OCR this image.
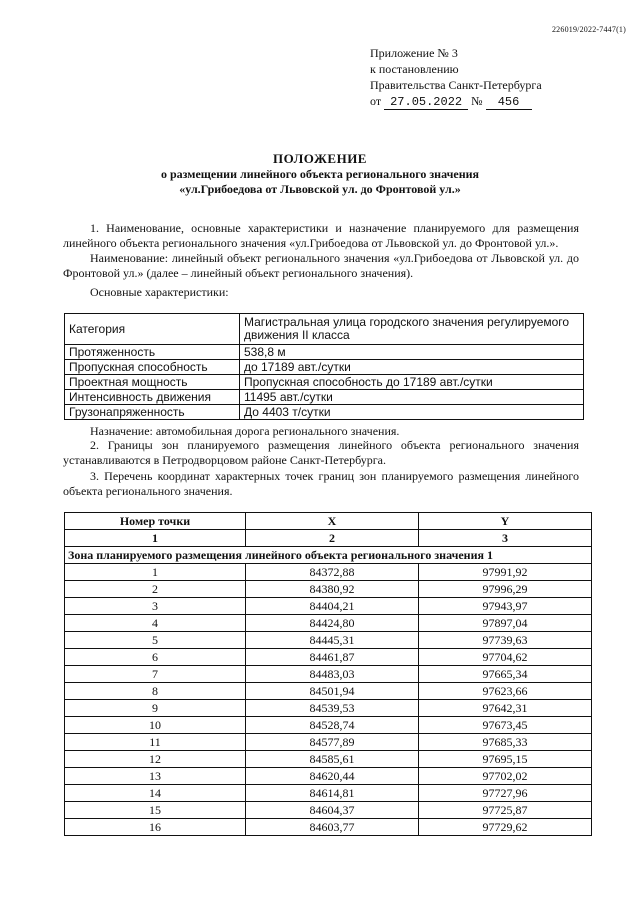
226019/2022-7447(1)
Приложение № 3
к постановлению
Правительства Санкт-Петербурга
от 27.05.2022 № 456
ПОЛОЖЕНИЕ
о размещении линейного объекта регионального значения
«ул.Грибоедова от Львовской ул. до Фронтовой ул.»
1. Наименование, основные характеристики и назначение планируемого для размещения линейного объекта регионального значения «ул.Грибоедова от Львовской ул. до Фронтовой ул.».
Наименование: линейный объект регионального значения «ул.Грибоедова от Львовской ул. до Фронтовой ул.» (далее – линейный объект регионального значения).
Основные характеристики:
Категория	Магистральная улица городского значения регулируемого движения II класса
Протяженность	538,8 м
Пропускная способность	до 17189 авт./сутки
Проектная мощность	Пропускная способность до 17189 авт./сутки
Интенсивность движения	11495 авт./сутки
Грузонапряженность	До 4403 т/сутки
Назначение: автомобильная дорога регионального значения.
2. Границы зон планируемого размещения линейного объекта регионального значения устанавливаются в Петродворцовом районе Санкт-Петербурга.
3. Перечень координат характерных точек границ зон планируемого размещения линейного объекта регионального значения.
Номер точки	X	Y
1	2	3
Зона планируемого размещения линейного объекта регионального значения 1		
1	84372,88	97991,92
2	84380,92	97996,29
3	84404,21	97943,97
4	84424,80	97897,04
5	84445,31	97739,63
6	84461,87	97704,62
7	84483,03	97665,34
8	84501,94	97623,66
9	84539,53	97642,31
10	84528,74	97673,45
11	84577,89	97685,33
12	84585,61	97695,15
13	84620,44	97702,02
14	84614,81	97727,96
15	84604,37	97725,87
16	84603,77	97729,62
